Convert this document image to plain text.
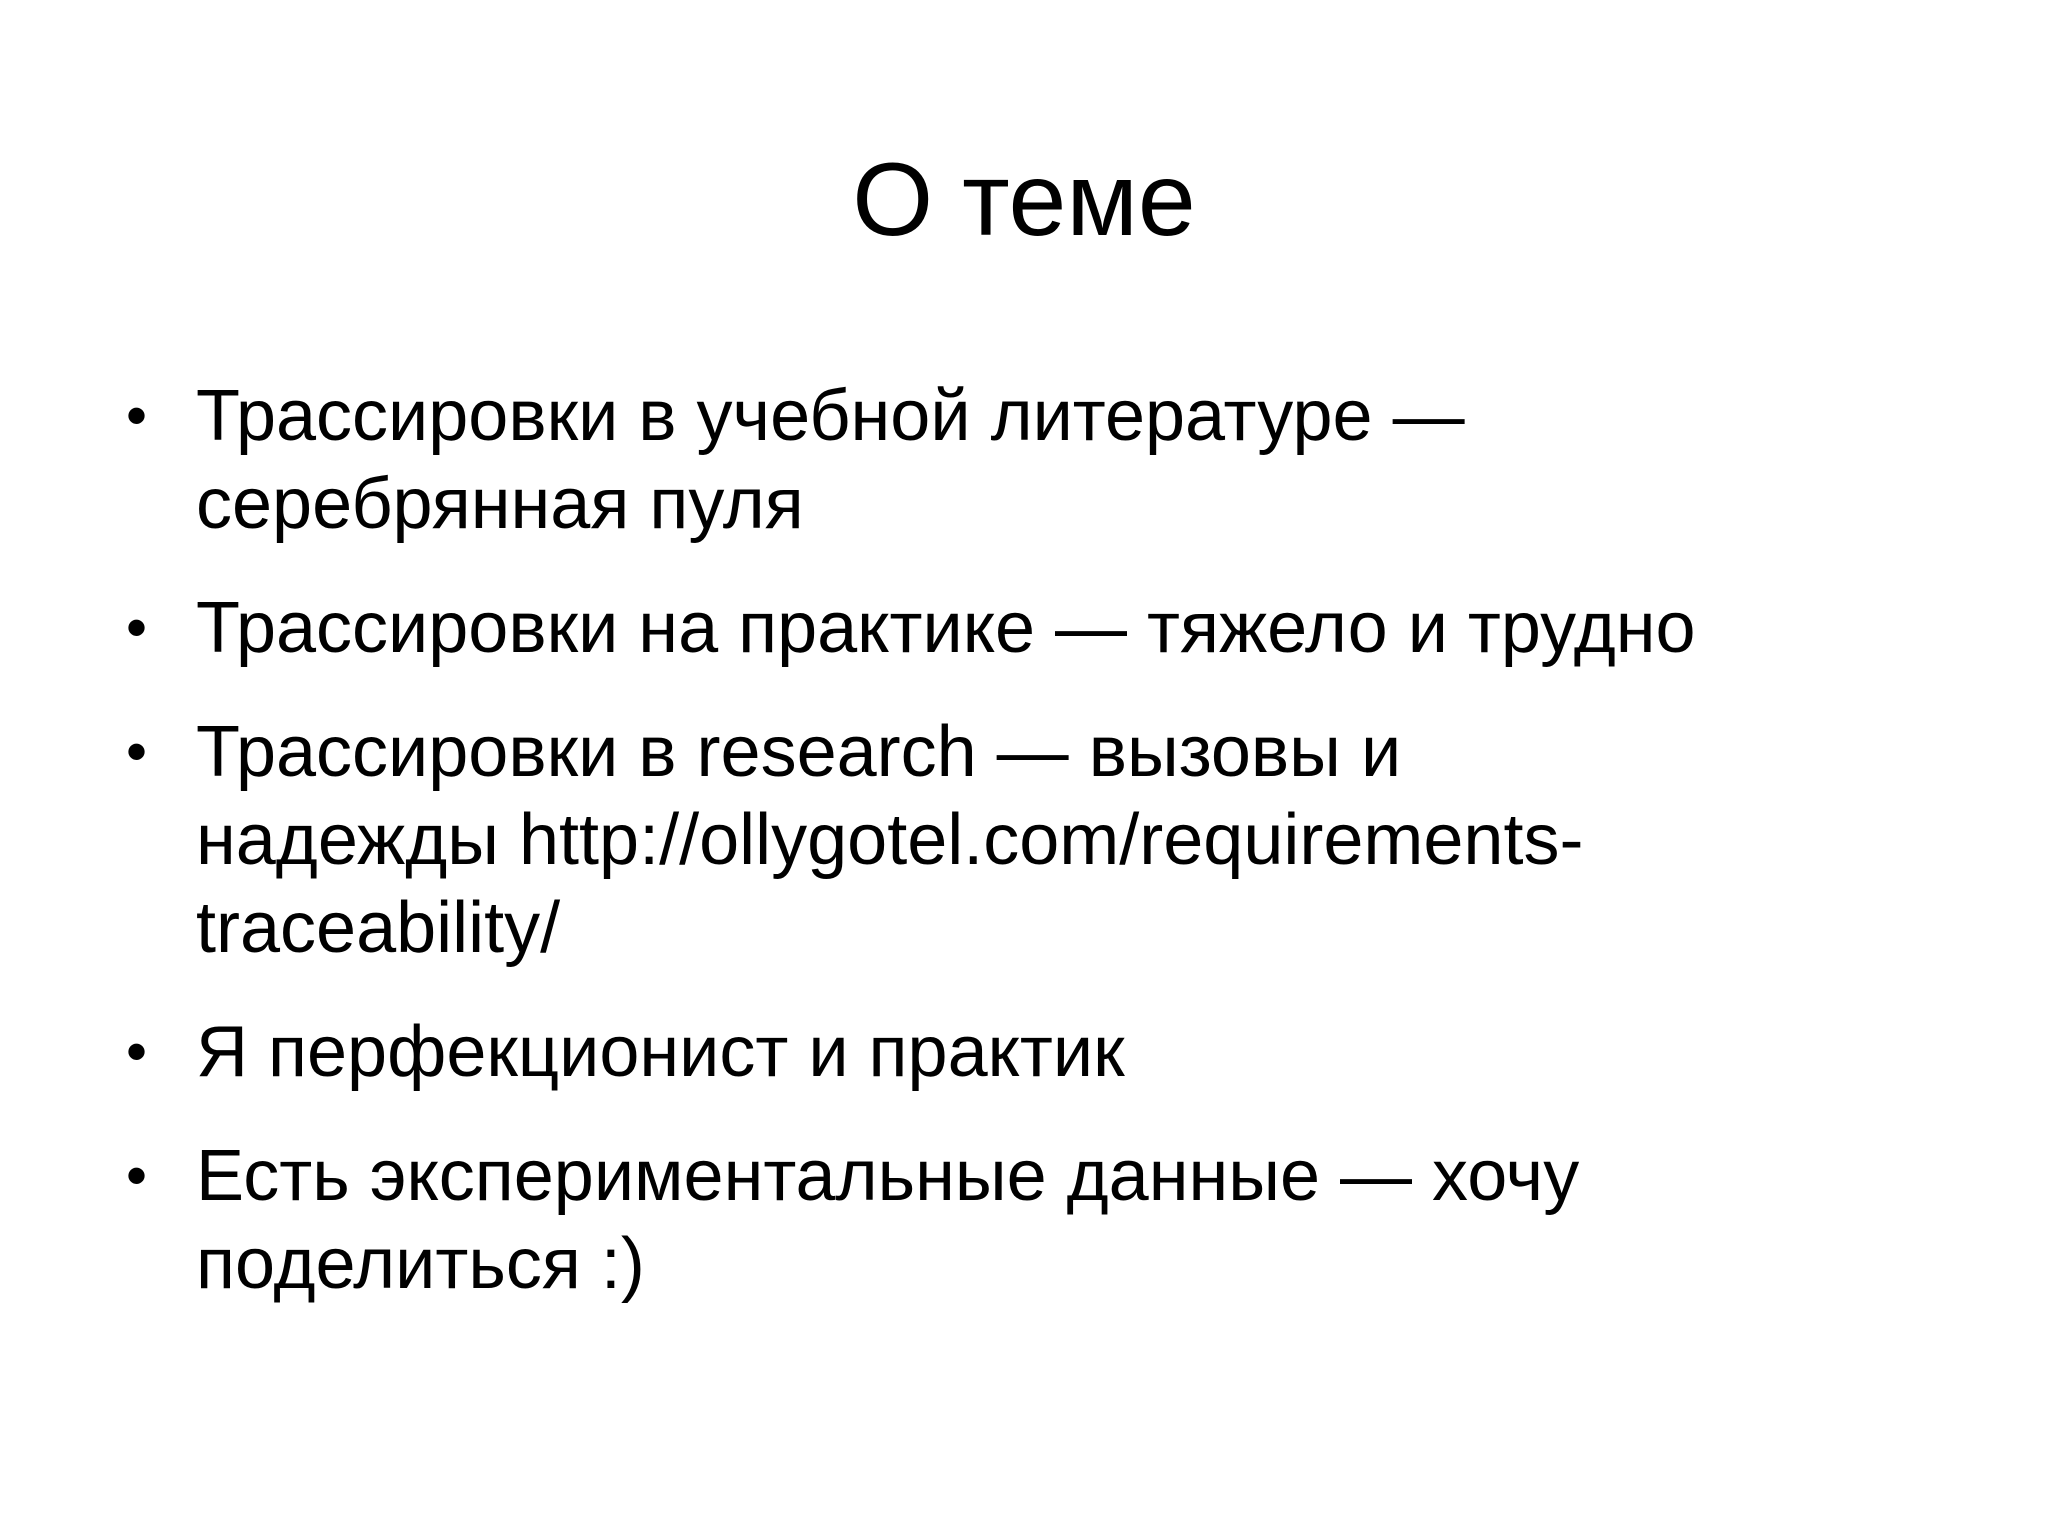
О теме
• Трассировки в учебной литературе —
серебрянная пуля
• Трассировки на практике — тяжело и трудно
• Трассировки в research — вызовы и
надежды http://ollygotel.com/requirements-
traceability/
• Я перфекционист и практик
• Есть экспериментальные данные — хочу
поделиться :)
